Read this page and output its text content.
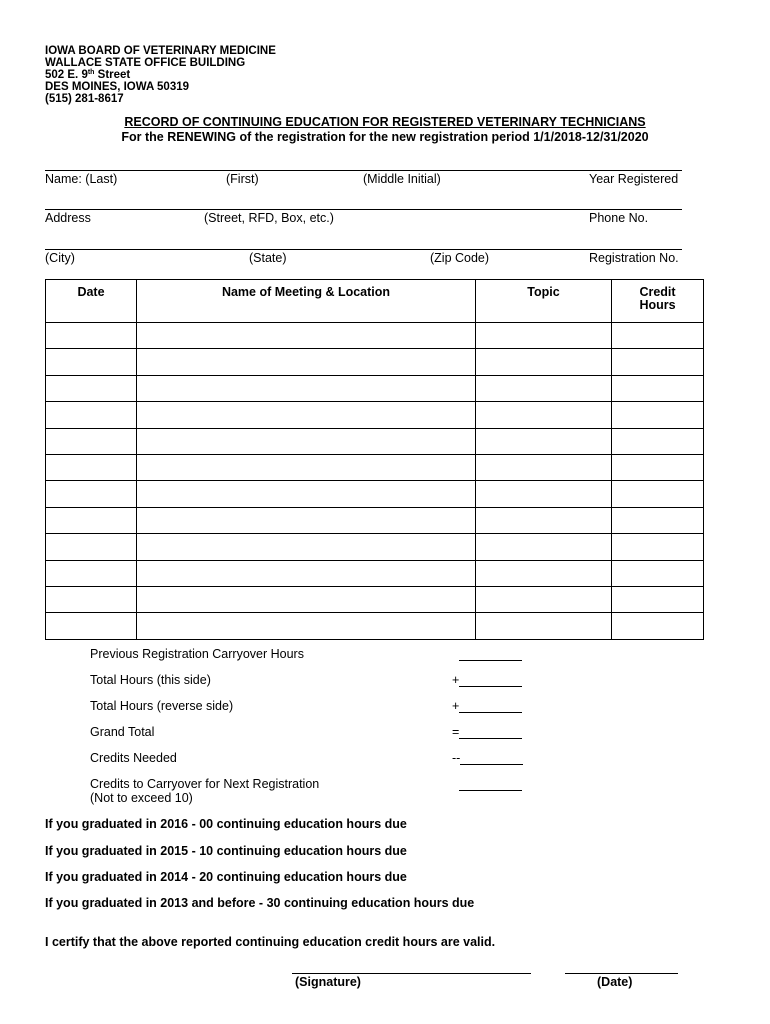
IOWA BOARD OF VETERINARY MEDICINE
WALLACE STATE OFFICE BUILDING
502 E. 9th Street
DES MOINES, IOWA 50319
(515) 281-8617
RECORD OF CONTINUING EDUCATION FOR REGISTERED VETERINARY TECHNICIANS
For the RENEWING of the registration for the new registration period 1/1/2018-12/31/2020
Name: (Last)	(First)	(Middle Initial)	Year Registered
Address	(Street, RFD, Box, etc.)	Phone No.
(City)	(State)	(Zip Code)	Registration No.
Date	Name of Meeting & Location	Topic	Credit
Hours

Previous Registration Carryover Hours
Total Hours (this side)	+
Total Hours (reverse side)	+
Grand Total	=
Credits Needed	--
Credits to Carryover for Next Registration
(Not to exceed 10)
If you graduated in 2016 - 00 continuing education hours due
If you graduated in 2015 - 10 continuing education hours due
If you graduated in 2014 - 20 continuing education hours due
If you graduated in 2013 and before - 30 continuing education hours due
I certify that the above reported continuing education credit hours are valid.
(Signature)	(Date)
